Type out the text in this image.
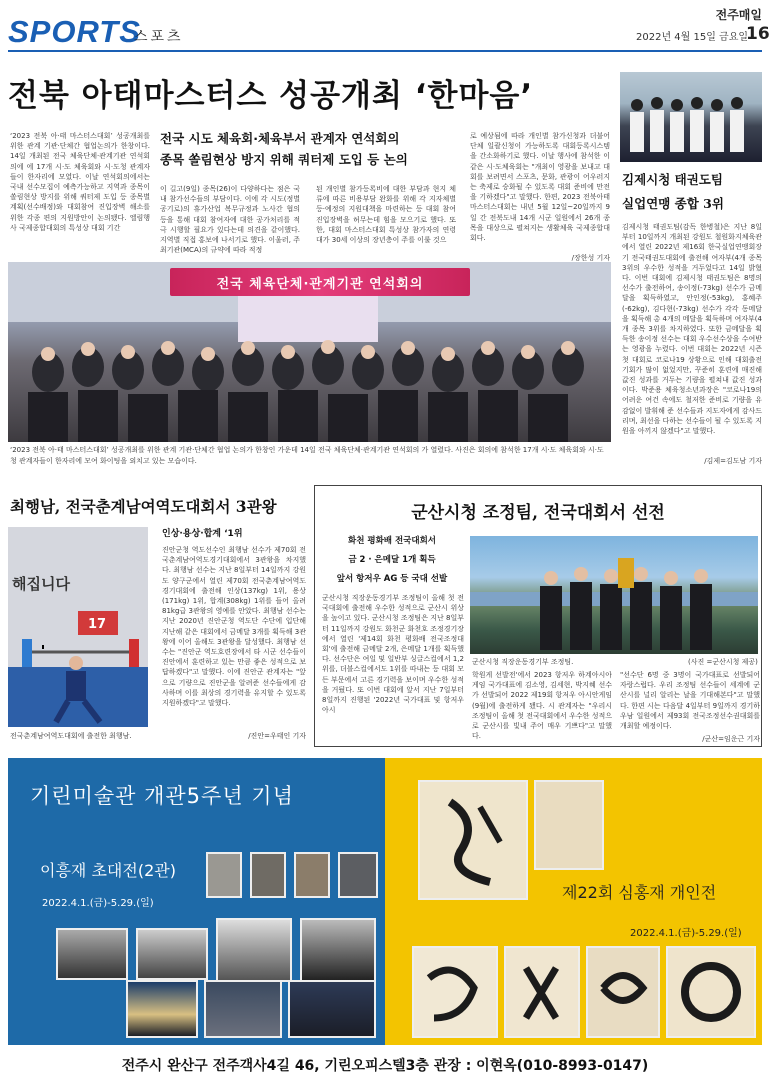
SPORTS
스포츠
전주매일
2022년 4월 15일 금요일
16
전북 아태마스터스 성공개최 ‘한마음’
‘2023 전북 아·태 마스터스대회’ 성공개최를 위한 관계 기관·단체간 협업논의가 한창이다. 14일 개최된 전국 체육단체·관계기관 연석회의에 에 17개 시·도 체육회와 시·도청 관계자들이 한자리에 모였다. 이날 연석회의에서는 국내 선수모집이 예측가능하고 지역과 종목이 쏠림현상 방지를 위해 쿼터제 도입 등 종목별 계획(선수배정)와 대회참여 진입장벽 해소를 위한 각종 편의 지원방안이 논의됐다. 엘림행사 국제종합대회의 특성상 대회 기간
전국 시도 체육회·체육부서 관계자 연석회의
종목 쏠림현상 방지 위해 쿼터제 도입 등 논의
이 길고(9일) 종목(26)이 다양하다는 점은 국내 참가선수들의 부담이다. 이에 각 시도(정별 공기로)의 휴가산업 복무규정과 노사간 협의 등을 통해 대회 참여자에 대한 공가처리를 적극 시행할 필요가 있다는데 의견을 같이했다. 지역별 직접 홍보에 나서기로 했다. 이울러, 주최기관(MCA)의 규약에 따라 적정
된 개인별 참가등록비에 대한 부담과 현지 체류에 따른 비용부담 완화를 위해 각 지자체별 등·예정의 지원대책을 마련하는 등 대회 참여 진입장벽을 허무는데 힘을 모으기로 했다. 또한, 대회 마스터스대회 특성상 참가자의 연령대가 30세 이상의 장년층이 주를 이룰 것으
로 예상됨에 따라 개인별 참가신청과 더불어 단체 일괄신청이 가능하도록 대회등록시스템을 간소화하기로 했다. 이날 행사에 참석한 이같은 시·도체육회는 "개최이 영광을 보내고 대회를 보려면서 스포츠, 문화, 관광이 어우러지는 축제로 승화될 수 있도록 대회 준비에 만전을 기하겠다"고 말했다. 한편, 2023 전북아태마스터스대회는 내년 5월 12일~20일까지 9일 간 전북도내 14개 시군 일원에서 26개 종목을 대상으로 펼쳐지는 생활체육 국제종합대회다.
/장한성 기자
전국 체육단체·관계기관 연석회의
‘2023 전북 아·태 마스터스대회’ 성공개최를 위한 관계 기관·단체간 협업 논의가 한창인 가운데 14일 전국 체육단체·관계기관 연석회의 가 열렸다. 사진은 회의에 참석한 17개 시·도 체육회와 시·도청 관계자들이 한자리에 모여 화이팅을 외치고 있는 모습이다.
김제시청 태권도팀
실업연맹 종합 3위
김제시청 태권도팀(감독 한병철)은 지난 8일부터 10일까지 개최된 강원도 철원화지체육관에서 열린 2022년 제16회 한국실업연맹회장기 전국태권도대회에 출전해 여자부(4개 종목 3위의 우수한 성적을 거두었다고 14일 밝혔다. 이번 대회에 김제시청 태권도팀은 8명의 선수가 출전하여, 송이정(-73kg) 선수가 금메달을 획득하였고, 안인정(-53kg), 홍혜주(-62kg), 김다현(-73kg) 선수가 각각 동메달을 획득해 총 4개의 메달을 획득하며 여자부(4개 종목 3위를 차지하였다. 또한 금메달을 획득한 송이정 선수는 대회 우수선수상을 수여받는 영광을 누렸다. 이번 대회는 2022년 시즌 첫 대회로 코로나19 상황으로 인해 대회출전 기회가 많이 없었지만, 꾸준히 훈련에 매진해 값진 성과를 거두는 기량을 펼쳐내 값진 성과이다. 박준용 체육청소년과장은 "코로나19의 어려운 여건 속에도 철저한 준비로 기량을 유감없이 발휘해 준 선수들과 지도자에게 감사드리며, 최선을 다하는 선수들이 될 수 있도록 지원을 아끼지 않겠다"고 말했다.
/김제=김도남 기자
최행남, 전국춘계남여역도대회서 3관왕
해집니다
17
전국춘계남여역도대회에 출전한 최행남.
인상·용상·합계 ‘1위
진안군청 역도선수인 최행남 선수가 제70회 전국춘계남여역도경기대회에서 3관왕을 차지했다. 최행남 선수는 지난 8일부터 14일까지 강원도 양구군에서 열린 제70회 전국춘계남여역도경기대회에 출전해 인상(137kg) 1위, 용상(171kg) 1위, 합계(308kg) 1위를 들어 올려 81kg급 3관왕의 영예를 안았다. 최행남 선수는 지난 2020년 진안군청 역도단 수단에 입단해 지난해 같은 대회에서 금메달 3개를 획득해 3관왕에 이어 올해도 3관왕을 달성했다. 최행남 선수는 "진안군 역도호련장에서 타 시군 선수들이 진안에서 훈련하고 있는 만큼 좋은 성적으로 보답하겠다"고 말했다. 이에 진안군 관계자는 "앞으로 기량으로 진안군을 알려준 선수들에게 감사하며 이를 최상의 경기력을 유지할 수 있도록 지원하겠다"고 말했다.
/진안=우태인 기자
군산시청 조정팀, 전국대회서 선전
화천 평화배 전국대회서
금 2 · 은메달 1개 획득
앞서 항저우 AG 등 국대 선발
군산시청 직장운동경기부 조정팀이 올해 첫 전국대회에 출전해 우수한 성적으로 군산시 위상을 높이고 있다. 군산시청 조정팀은 지난 8일부터 11일까지 강원도 화천군 화천호 조정경기장에서 열린 '제14회 화천 평화배 전국조정대회'에 출전해 금메달 2개, 은메달 1개를 획득했다. 선수단은 여일 및 일반부 싱글스컬에서 1,2위를, 더블스컬에서도 1위를 따내는 등 대회 모든 부문에서 고른 경기력을 보이며 우수한 성적을 거뒀다. 또 이번 대회에 앞서 지난 7일부터 8일까지 진행된 '2022년 국가대표 및 항저우아시
군산시청 직장운동경기부 조정팀.	(사진 =군산시청 제공)
학원게 선발전'에서 2023 항저우 하계아시아게임 국가대표에 김소영, 김세현, 박지혜 선수가 선발되어 2022 제19회 항저우 아시안게임(9월)에 출전하게 됐다. 시 관계자는 "우리시 조정팀이 올해 첫 전국대회에서 우수한 성적으로 군산시를 빛내 주어 매우 기쁘다"고 말했다.
"선수단 6명 중 3명이 국가대표로 선발되어 자랑스럽다. 우리 조정팀 선수들이 세계에 군산시를 널리 알리는 날을 기대해본다"고 말했다. 한편 시는 다음달 4일부터 9일까지 경기하우남 일원에서 제93회 전국조정선수권대회를 개최할 예정이다.
/군산=임운근 기자
기린미술관 개관5주년 기념
이흥재 초대전(2관)
2022.4.1.(금)-5.29.(일)
제22회 심홍재 개인전
2022.4.1.(금)-5.29.(일)
전주시 완산구 전주객사4길 46, 기린오피스텔3층 관장 : 이현옥(010-8993-0147)
